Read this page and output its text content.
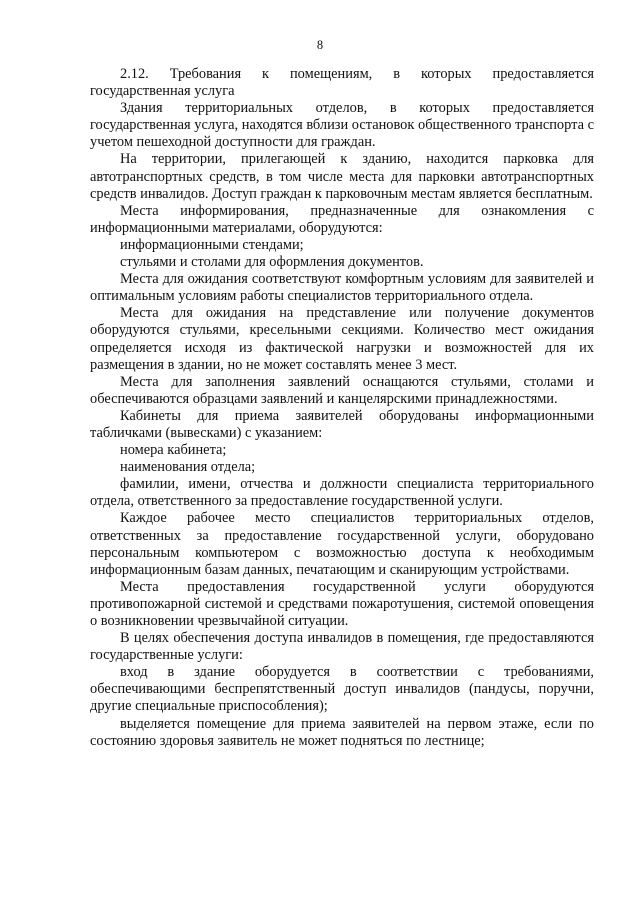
8

2.12. Требования к помещениям, в которых предоставляется государственная услуга

Здания территориальных отделов, в которых предоставляется государственная услуга, находятся вблизи остановок общественного транспорта с учетом пешеходной доступности для граждан.

На территории, прилегающей к зданию, находится парковка для автотранспортных средств, в том числе места для парковки автотранспортных средств инвалидов. Доступ граждан к парковочным местам является бесплатным.

Места информирования, предназначенные для ознакомления с информационными материалами, оборудуются:

информационными стендами;

стульями и столами для оформления документов.

Места для ожидания соответствуют комфортным условиям для заявителей и оптимальным условиям работы специалистов территориального отдела.

Места для ожидания на представление или получение документов оборудуются стульями, кресельными секциями. Количество мест ожидания определяется исходя из фактической нагрузки и возможностей для их размещения в здании, но не может составлять менее 3 мест.

Места для заполнения заявлений оснащаются стульями, столами и обеспечиваются образцами заявлений и канцелярскими принадлежностями.

Кабинеты для приема заявителей оборудованы информационными табличками (вывесками) с указанием:

номера кабинета;

наименования отдела;

фамилии, имени, отчества и должности специалиста территориального отдела, ответственного за предоставление государственной услуги.

Каждое рабочее место специалистов территориальных отделов, ответственных за предоставление государственной услуги, оборудовано персональным компьютером с возможностью доступа к необходимым информационным базам данных, печатающим и сканирующим устройствами.

Места предоставления государственной услуги оборудуются противопожарной системой и средствами пожаротушения, системой оповещения о возникновении чрезвычайной ситуации.

В целях обеспечения доступа инвалидов в помещения, где предоставляются государственные услуги:

вход в здание оборудуется в соответствии с требованиями, обеспечивающими беспрепятственный доступ инвалидов (пандусы, поручни, другие специальные приспособления);

выделяется помещение для приема заявителей на первом этаже, если по состоянию здоровья заявитель не может подняться по лестнице;
